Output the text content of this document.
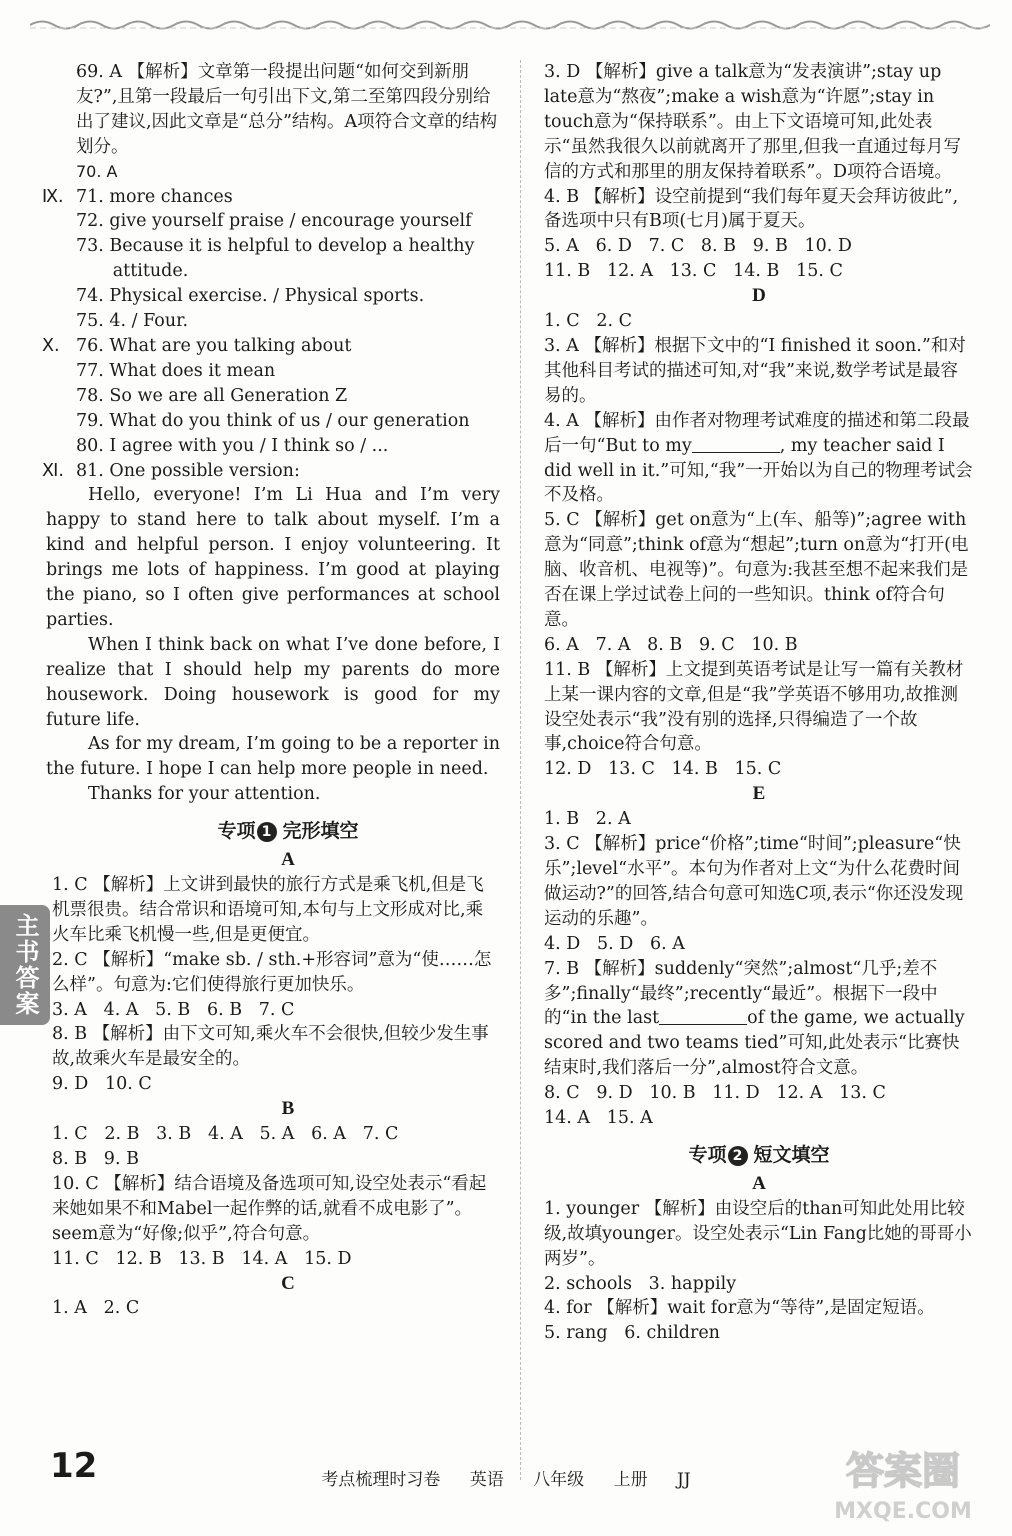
69. A 【解析】文章第一段提出问题“如何交到新朋友?”,且第一段最后一句引出下文,第二至第四段分别给出了建议,因此文章是“总分”结构。A项符合文章的结构划分。
70. A
Ⅸ. 71. more chances
72. give yourself praise / encourage yourself
73. Because it is helpful to develop a healthy attitude.
74. Physical exercise. / Physical sports.
75. 4. / Four.
Ⅹ. 76. What are you talking about
77. What does it mean
78. So we are all Generation Z
79. What do you think of us / our generation
80. I agree with you / I think so / ...
Ⅺ. 81. One possible version:

Hello, everyone! I’m Li Hua and I’m very happy to stand here to talk about myself. I’m a kind and helpful person. I enjoy volunteering. It brings me lots of happiness. I’m good at playing the piano, so I often give performances at school parties.

When I think back on what I’ve done before, I realize that I should help my parents do more housework. Doing housework is good for my future life.

As for my dream, I’m going to be a reporter in the future. I hope I can help more people in need.

Thanks for your attention.

专项 1 完形填空
A
1. C 【解析】上文讲到最快的旅行方式是乘飞机,但是飞机票很贵。结合常识和语境可知,本句与上文形成对比,乘火车比乘飞机慢一些,但是更便宜。
2. C 【解析】“make sb. / sth.+形容词”意为“使……怎么样”。句意为:它们使得旅行更加快乐。
3. A   4. A   5. B   6. B   7. C
8. B 【解析】由下文可知,乘火车不会很快,但较少发生事故,故乘火车是最安全的。
9. D   10. C
B
1. C   2. B   3. B   4. A   5. A   6. A   7. C
8. B   9. B
10. C 【解析】结合语境及备选项可知,设空处表示“看起来她如果不和Mabel一起作弊的话,就看不成电影了”。seem意为“好像;似乎”,符合句意。
11. C   12. B   13. B   14. A   15. D
C
1. A   2. C
3. D 【解析】give a talk意为“发表演讲”;stay up late意为“熬夜”;make a wish意为“许愿”;stay in touch意为“保持联系”。由上下文语境可知,此处表示“虽然我很久以前就离开了那里,但我一直通过每月写信的方式和那里的朋友保持着联系”。D项符合语境。
4. B 【解析】设空前提到“我们每年夏天会拜访彼此”,备选项中只有B项(七月)属于夏天。
5. A   6. D   7. C   8. B   9. B   10. D
11. B   12. A   13. C   14. B   15. C
D
1. C   2. C
3. A 【解析】根据下文中的“I finished it soon.”和对其他科目考试的描述可知,对“我”来说,数学考试是最容易的。
4. A 【解析】由作者对物理考试难度的描述和第二段最后一句“But to my	, my teacher said I did well in it.”可知,“我”一开始以为自己的物理考试会不及格。
5. C 【解析】get on意为“上(车、船等)”;agree with意为“同意”;think of意为“想起”;turn on意为“打开(电脑、收音机、电视等)”。句意为:我甚至想不起来我们是否在课上学过试卷上问的一些知识。think of符合句意。
6. A   7. A   8. B   9. C   10. B
11. B 【解析】上文提到英语考试是让写一篇有关教材上某一课内容的文章,但是“我”学英语不够用功,故推测设空处表示“我”没有别的选择,只得编造了一个故事,choice符合句意。
12. D   13. C   14. B   15. C
E
1. B   2. A
3. C 【解析】price“价格”;time“时间”;pleasure“快乐”;level“水平”。本句为作者对上文“为什么花费时间做运动?”的回答,结合句意可知选C项,表示“你还没发现运动的乐趣”。
4. D   5. D   6. A
7. B 【解析】suddenly“突然”;almost“几乎;差不多”;finally“最终”;recently“最近”。根据下一段中的“in the last	of the game, we actually scored and two teams tied”可知,此处表示“比赛快结束时,我们落后一分”,almost符合文意。
8. C   9. D   10. B   11. D   12. A   13. C
14. A   15. A
专项 2 短文填空
A
1. younger 【解析】由设空后的than可知此处用比较级,故填younger。设空处表示“Lin Fang比她的哥哥小两岁”。
2. schools   3. happily
4. for 【解析】wait for意为“等待”,是固定短语。
5. rang   6. children
主书答案
12	考点梳理时习卷 英语 八年级 上册 JJ	答案圈
MXQE.COM
